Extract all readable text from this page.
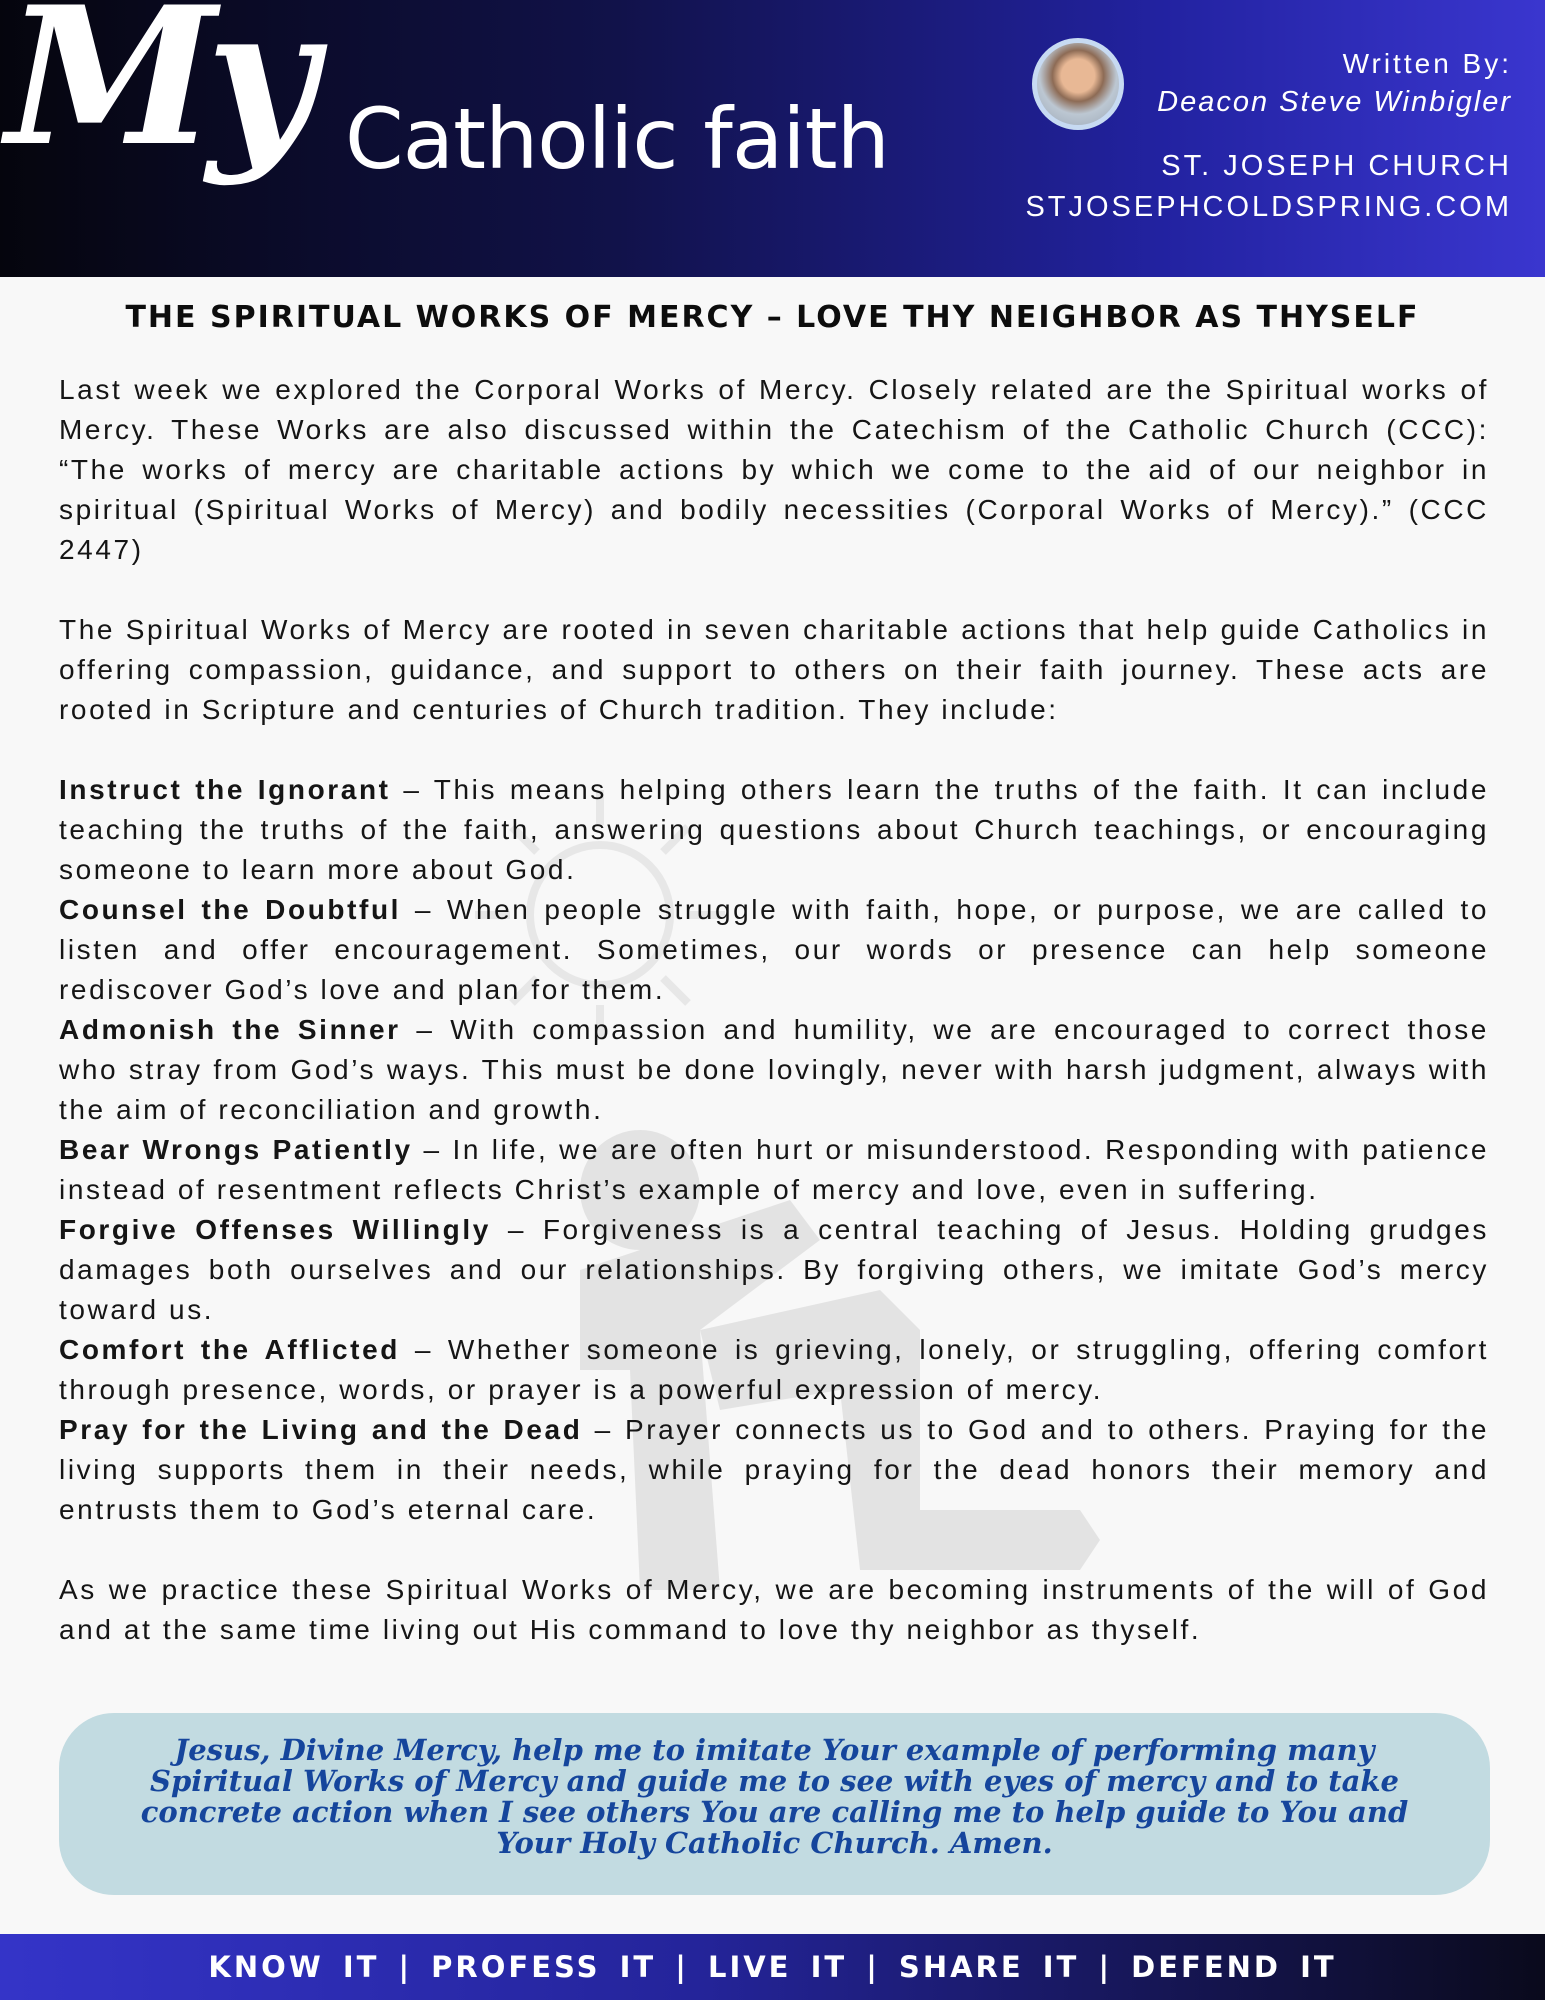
My Catholic faith
Written By:
Deacon Steve Winbigler
ST. JOSEPH CHURCH
STJOSEPHCOLDSPRING.COM
THE SPIRITUAL WORKS OF MERCY – LOVE THY NEIGHBOR AS THYSELF

Last week we explored the Corporal Works of Mercy. Closely related are the Spiritual works of Mercy. These Works are also discussed within the Catechism of the Catholic Church (CCC): “The works of mercy are charitable actions by which we come to the aid of our neighbor in spiritual (Spiritual Works of Mercy) and bodily necessities (Corporal Works of Mercy).” (CCC 2447)

The Spiritual Works of Mercy are rooted in seven charitable actions that help guide Catholics in offering compassion, guidance, and support to others on their faith journey. These acts are rooted in Scripture and centuries of Church tradition. They include:

Instruct the Ignorant – This means helping others learn the truths of the faith. It can include teaching the truths of the faith, answering questions about Church teachings, or encouraging someone to learn more about God.

Counsel the Doubtful – When people struggle with faith, hope, or purpose, we are called to listen and offer encouragement. Sometimes, our words or presence can help someone rediscover God’s love and plan for them.

Admonish the Sinner – With compassion and humility, we are encouraged to correct those who stray from God’s ways. This must be done lovingly, never with harsh judgment, always with the aim of reconciliation and growth.

Bear Wrongs Patiently – In life, we are often hurt or misunderstood. Responding with patience instead of resentment reflects Christ’s example of mercy and love, even in suffering.

Forgive Offenses Willingly – Forgiveness is a central teaching of Jesus. Holding grudges damages both ourselves and our relationships. By forgiving others, we imitate God’s mercy toward us.

Comfort the Afflicted – Whether someone is grieving, lonely, or struggling, offering comfort through presence, words, or prayer is a powerful expression of mercy.

Pray for the Living and the Dead – Prayer connects us to God and to others. Praying for the living supports them in their needs, while praying for the dead honors their memory and entrusts them to God’s eternal care.

As we practice these Spiritual Works of Mercy, we are becoming instruments of the will of God and at the same time living out His command to love thy neighbor as thyself.

Jesus, Divine Mercy, help me to imitate Your example of performing many Spiritual Works of Mercy and guide me to see with eyes of mercy and to take concrete action when I see others You are calling me to help guide to You and Your Holy Catholic Church. Amen.
KNOW IT | PROFESS IT | LIVE IT | SHARE IT | DEFEND IT
